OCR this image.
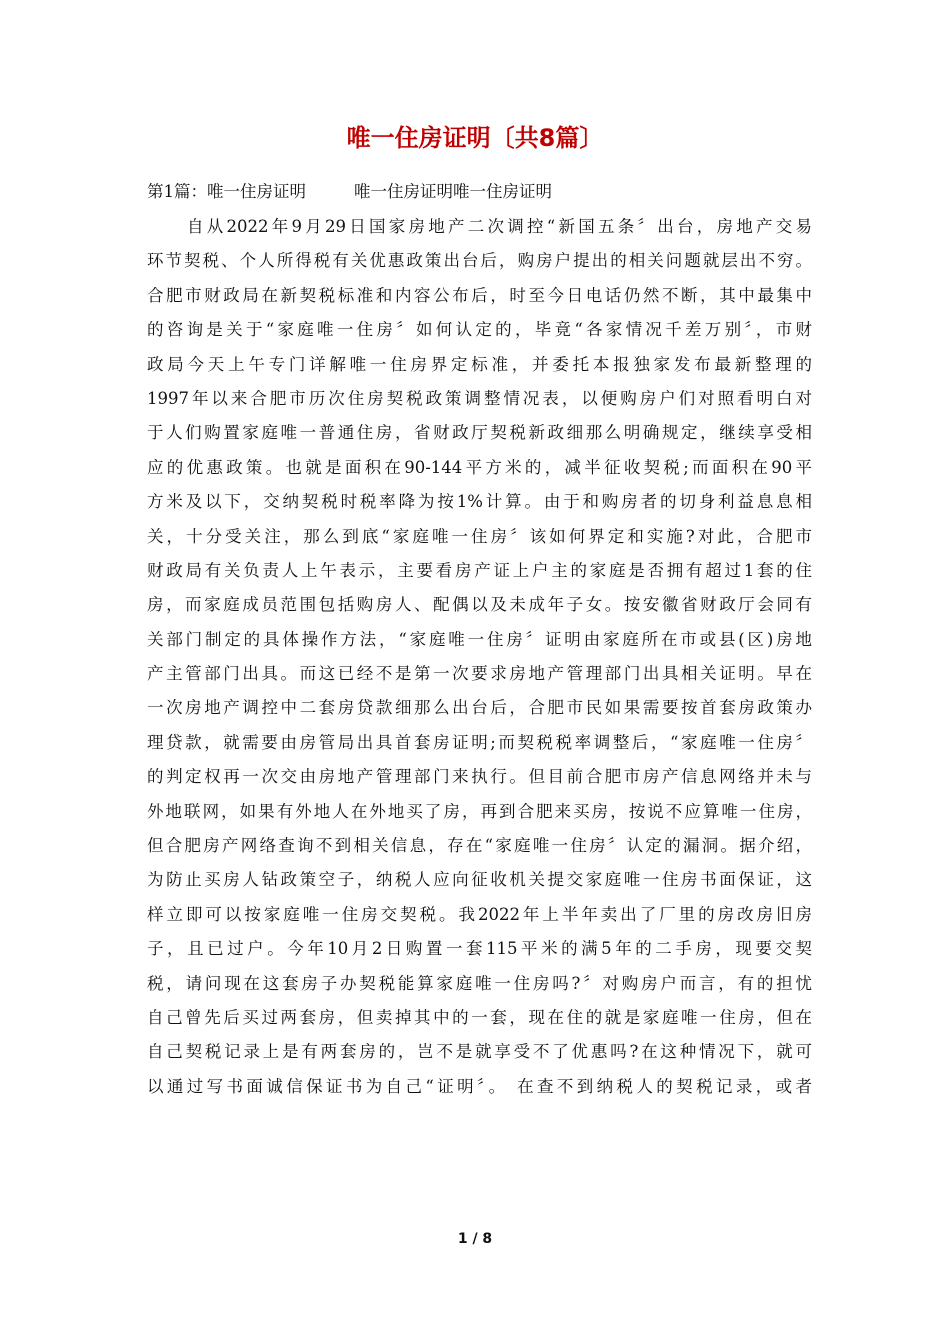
唯一住房证明〔共8篇〕

第1篇：唯一住房证明	唯一住房证明唯一住房证明

自从2022年9月29日国家房地产二次调控“新国五条〞出台，房地产交易
环节契税、个人所得税有关优惠政策出台后，购房户提出的相关问题就层出不穷。
合肥市财政局在新契税标准和内容公布后，时至今日电话仍然不断，其中最集中
的咨询是关于“家庭唯一住房〞如何认定的，毕竟“各家情况千差万别〞，市财
政局今天上午专门详解唯一住房界定标准，并委托本报独家发布最新整理的
1997年以来合肥市历次住房契税政策调整情况表，以便购房户们对照看明白对
于人们购置家庭唯一普通住房，省财政厅契税新政细那么明确规定，继续享受相
应的优惠政策。也就是面积在90-144平方米的，减半征收契税;而面积在90平
方米及以下，交纳契税时税率降为按1%计算。由于和购房者的切身利益息息相
关，十分受关注，那么到底“家庭唯一住房〞该如何界定和实施?对此，合肥市
财政局有关负责人上午表示，主要看房产证上户主的家庭是否拥有超过1套的住
房，而家庭成员范围包括购房人、配偶以及未成年子女。按安徽省财政厅会同有
关部门制定的具体操作方法，“家庭唯一住房〞证明由家庭所在市或县(区)房地
产主管部门出具。而这已经不是第一次要求房地产管理部门出具相关证明。早在
一次房地产调控中二套房贷款细那么出台后，合肥市民如果需要按首套房政策办
理贷款，就需要由房管局出具首套房证明;而契税税率调整后，“家庭唯一住房〞
的判定权再一次交由房地产管理部门来执行。但目前合肥市房产信息网络并未与
外地联网，如果有外地人在外地买了房，再到合肥来买房，按说不应算唯一住房，
但合肥房产网络查询不到相关信息，存在“家庭唯一住房〞认定的漏洞。据介绍，
为防止买房人钻政策空子，纳税人应向征收机关提交家庭唯一住房书面保证，这
样立即可以按家庭唯一住房交契税。我2022年上半年卖出了厂里的房改房旧房
子，且已过户。今年10月2日购置一套115平米的满5年的二手房，现要交契
税，请问现在这套房子办契税能算家庭唯一住房吗?〞对购房户而言，有的担忧
自己曾先后买过两套房，但卖掉其中的一套，现在住的就是家庭唯一住房，但在
自己契税记录上是有两套房的，岂不是就享受不了优惠吗?在这种情况下，就可
以通过写书面诚信保证书为自己“证明〞。 在查不到纳税人的契税记录，或者
1 / 8
